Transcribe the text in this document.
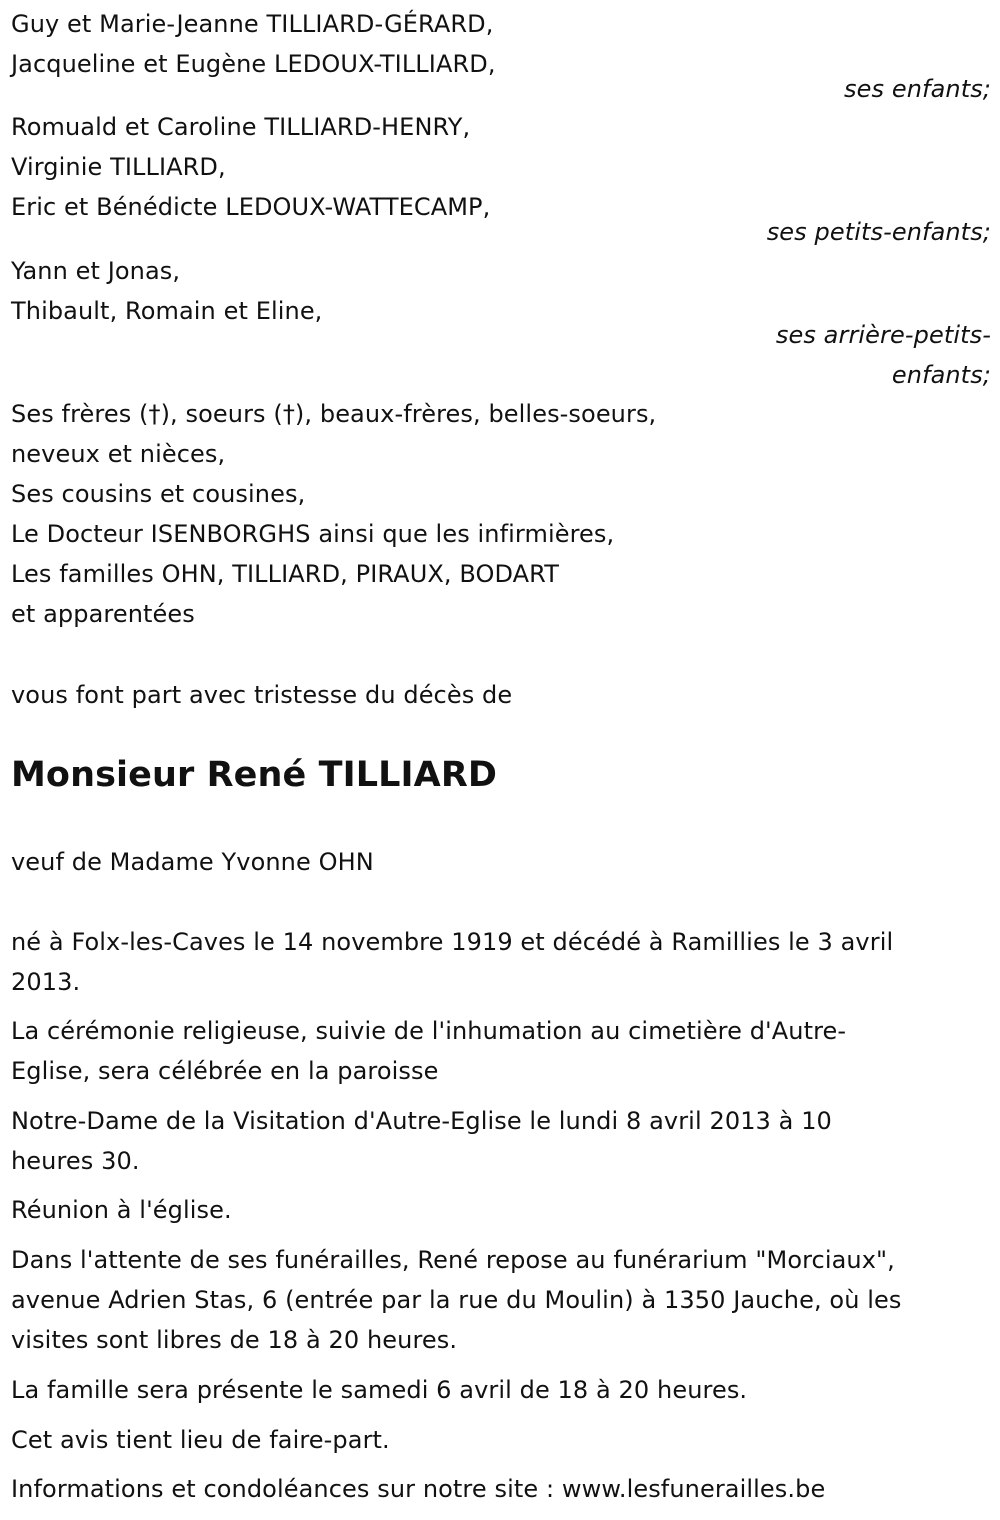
Guy et Marie-Jeanne TILLIARD-GÉRARD,
Jacqueline et Eugène LEDOUX-TILLIARD,
ses enfants;
Romuald et Caroline TILLIARD-HENRY,
Virginie TILLIARD,
Eric et Bénédicte LEDOUX-WATTECAMP,
ses petits-enfants;
Yann et Jonas,
Thibault, Romain et Eline,
ses arrière-petits-
enfants;
Ses frères (†), soeurs (†), beaux-frères, belles-soeurs,
neveux et nièces,
Ses cousins et cousines,
Le Docteur ISENBORGHS ainsi que les infirmières,
Les familles OHN, TILLIARD, PIRAUX, BODART
et apparentées
vous font part avec tristesse du décès de
Monsieur René TILLIARD
veuf de Madame Yvonne OHN
né à Folx-les-Caves le 14 novembre 1919 et décédé à Ramillies le 3 avril
2013.
La cérémonie religieuse, suivie de l'inhumation au cimetière d'Autre-
Eglise, sera célébrée en la paroisse
Notre-Dame de la Visitation d'Autre-Eglise le lundi 8 avril 2013 à 10
heures 30.
Réunion à l'église.
Dans l'attente de ses funérailles, René repose au funérarium "Morciaux",
avenue Adrien Stas, 6 (entrée par la rue du Moulin) à 1350 Jauche, où les
visites sont libres de 18 à 20 heures.
La famille sera présente le samedi 6 avril de 18 à 20 heures.
Cet avis tient lieu de faire-part.
Informations et condoléances sur notre site : www.lesfunerailles.be
